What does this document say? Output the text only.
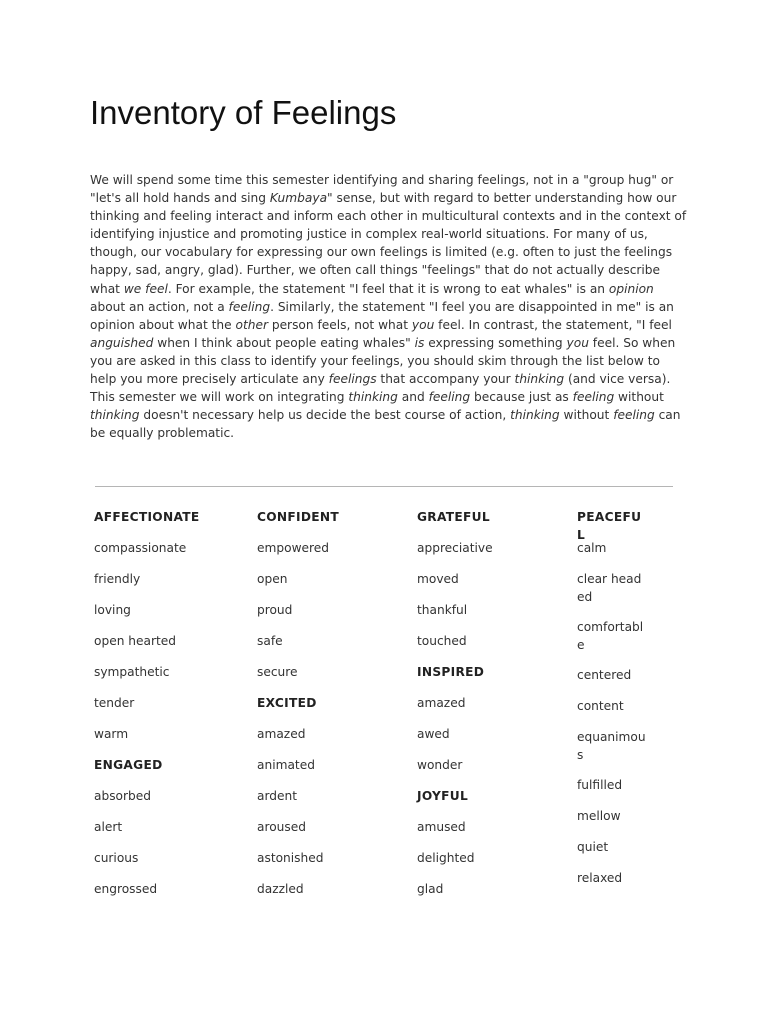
Inventory of Feelings

We will spend some time this semester identifying and sharing feelings, not in a "group hug" or "let's all hold hands and sing Kumbaya" sense, but with regard to better understanding how our thinking and feeling interact and inform each other in multicultural contexts and in the context of identifying injustice and promoting justice in complex real-world situations. For many of us, though, our vocabulary for expressing our own feelings is limited (e.g. often to just the feelings happy, sad, angry, glad). Further, we often call things "feelings" that do not actually describe what we feel. For example, the statement "I feel that it is wrong to eat whales" is an opinion about an action, not a feeling. Similarly, the statement "I feel you are disappointed in me" is an opinion about what the other person feels, not what you feel. In contrast, the statement, "I feel anguished when I think about people eating whales" is expressing something you feel. So when you are asked in this class to identify your feelings, you should skim through the list below to help you more precisely articulate any feelings that accompany your thinking (and vice versa). This semester we will work on integrating thinking and feeling because just as feeling without thinking doesn't necessary help us decide the best course of action, thinking without feeling can be equally problematic.

AFFECTIONATE
compassionate
friendly
loving
open hearted
sympathetic
tender
warm
ENGAGED
absorbed
alert
curious
engrossed
CONFIDENT
empowered
open
proud
safe
secure
EXCITED
amazed
animated
ardent
aroused
astonished
dazzled
GRATEFUL
appreciative
moved
thankful
touched
INSPIRED
amazed
awed
wonder
JOYFUL
amused
delighted
glad
PEACEFUL
calm
clear headed
comfortable
centered
content
equanimous
fulfilled
mellow
quiet
relaxed
